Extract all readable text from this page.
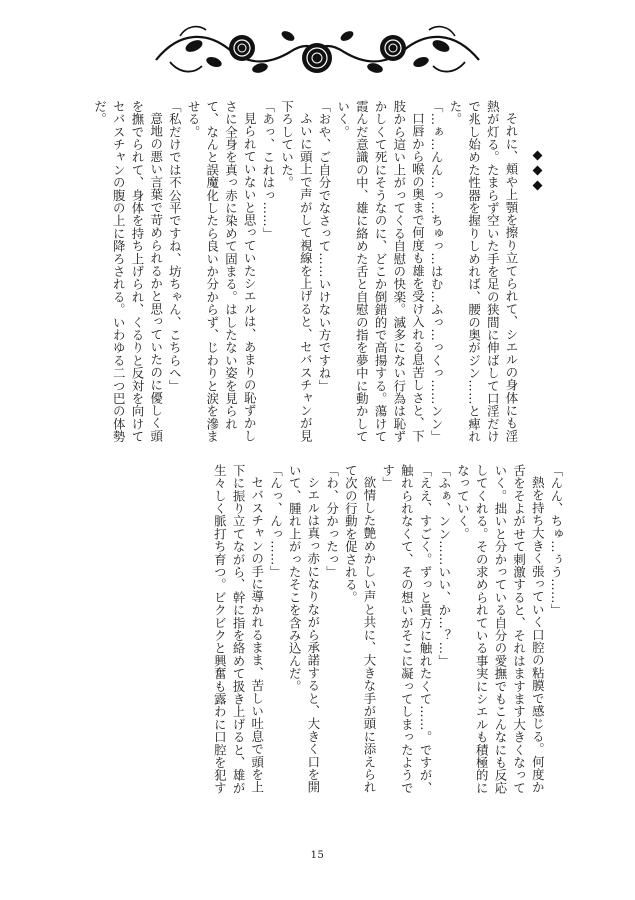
それに、頬や上顎を擦り立てられて、シエルの身体にも淫熱が灯る。たまらず空いた手を足の狭間に伸ばして口淫だけで兆し始めた性器を握りしめれば、腰の奥がジン……と痺れた。

「…ぁ…んん…っ…ちゅっ…はむ…ふっ…っくっ……ンン」

口唇から喉の奥まで何度も雄を受け入れる息苦しさと、下肢から這い上がってくる自慰の快楽。滅多にない行為は恥ずかしくて死にそうなのに、どこか倒錯的で高揚する。蕩けて霞んだ意識の中、雄に絡めた舌と自慰の指を夢中に動かしていく。

「おや、ご自分でなさって……いけない方ですね」

ふいに頭上で声がして視線を上げると、セバスチャンが見下ろしていた。

「あっ、これはっ……」

見られていないと思っていたシエルは、あまりの恥ずかしさに全身を真っ赤に染めて固まる。はしたない姿を見られて、なんと誤魔化したら良いか分からず、じわりと涙を滲ませる。

「私だけでは不公平ですね、坊ちゃん、こちらへ」

意地の悪い言葉で苛められるかと思っていたのに優しく頭を撫でられて、身体を持ち上げられ、くるりと反対を向けてセバスチャンの腹の上に降ろされる。いわゆる二つ巴の体勢だ。

「んん、ちゅ…ぅう……」

熱を持ち大きく張っていく口腔の粘膜で感じる。何度か舌をそよがせて刺激すると、それはますます大きくなっていく。拙いと分かっている自分の愛撫でもこんなにも反応してくれる。その求められている事実にシエルも積極的になっていく。

「ふぁ、ンン……いい、か…？…」

「ええ、すごく。ずっと貴方に触れたくて……。ですが、触れられなくて、その想いがそこに凝ってしまったようです」

欲情した艶めかしい声と共に、大きな手が頭に添えられて次の行動を促される。

「わ、分かったっ」

シエルは真っ赤になりながら承諾すると、大きく口を開いて、腫れ上がったそこを含み込んだ。

「んっ、んっ……」

セバスチャンの手に導かれるまま、苦しい吐息で頭を上下に振り立てながら、幹に指を絡めて扱き上げると、雄が生々しく脈打ち育つ。ビクビクと興奮も露わに口腔を犯す

15
